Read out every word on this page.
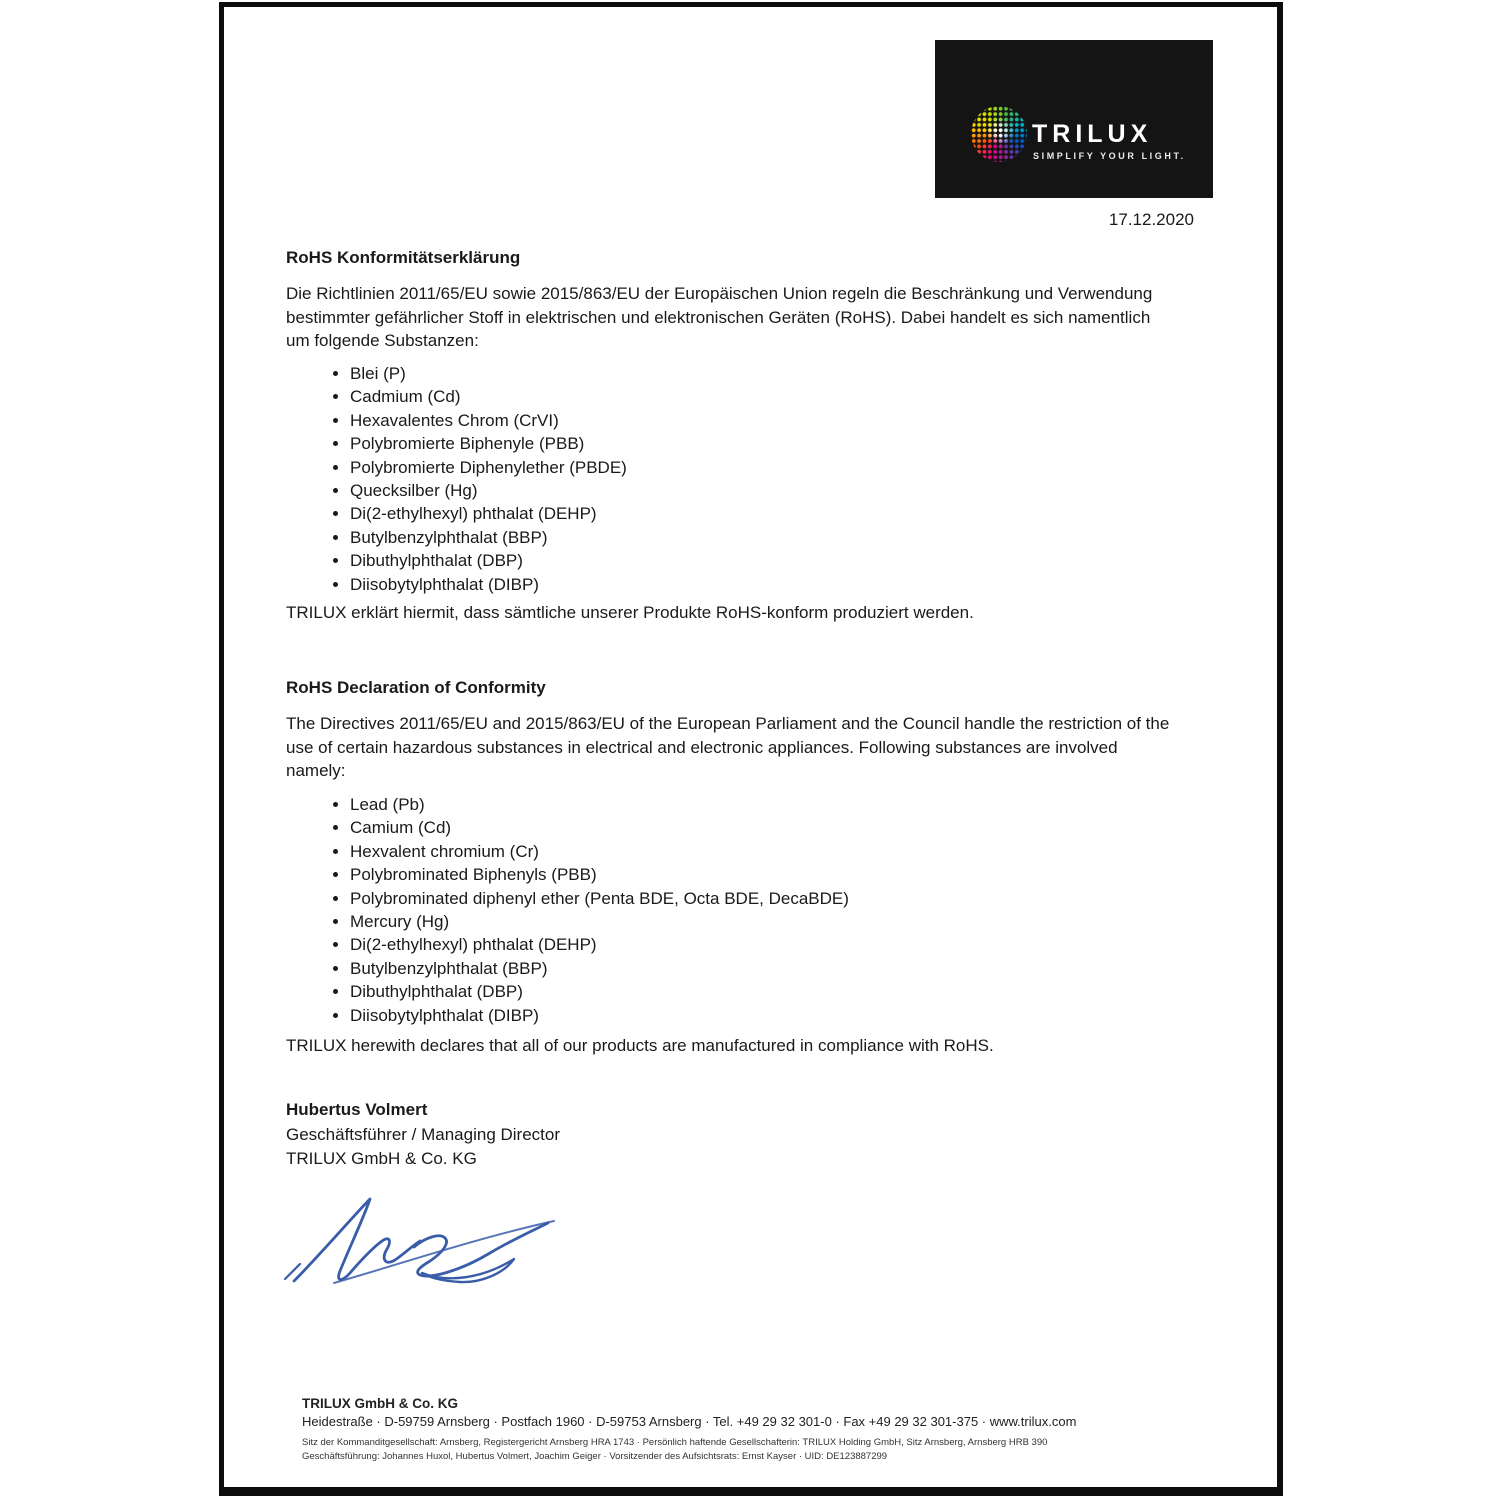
TRILUX
SIMPLIFY YOUR LIGHT.
17.12.2020
RoHS Konformitätserklärung
Die Richtlinien 2011/65/EU sowie 2015/863/EU der Europäischen Union regeln die Beschränkung und Verwendung
bestimmter gefährlicher Stoff in elektrischen und elektronischen Geräten (RoHS). Dabei handelt es sich namentlich
um folgende Substanzen:
• Blei (P)
• Cadmium (Cd)
• Hexavalentes Chrom (CrVI)
• Polybromierte Biphenyle (PBB)
• Polybromierte Diphenylether (PBDE)
• Quecksilber (Hg)
• Di(2-ethylhexyl) phthalat (DEHP)
• Butylbenzylphthalat (BBP)
• Dibuthylphthalat (DBP)
• Diisobytylphthalat (DIBP)
TRILUX erklärt hiermit, dass sämtliche unserer Produkte RoHS-konform produziert werden.
RoHS Declaration of Conformity
The Directives 2011/65/EU and 2015/863/EU of the European Parliament and the Council handle the restriction of the
use of certain hazardous substances in electrical and electronic appliances. Following substances are involved
namely:
• Lead (Pb)
• Camium (Cd)
• Hexvalent chromium (Cr)
• Polybrominated Biphenyls (PBB)
• Polybrominated diphenyl ether (Penta BDE, Octa BDE, DecaBDE)
• Mercury (Hg)
• Di(2-ethylhexyl) phthalat (DEHP)
• Butylbenzylphthalat (BBP)
• Dibuthylphthalat (DBP)
• Diisobytylphthalat (DIBP)
TRILUX herewith declares that all of our products are manufactured in compliance with RoHS.
Hubertus Volmert
Geschäftsführer / Managing Director
TRILUX GmbH & Co. KG
TRILUX GmbH & Co. KG
Heidestraße · D-59759 Arnsberg · Postfach 1960 · D-59753 Arnsberg · Tel. +49 29 32 301-0 · Fax +49 29 32 301-375 · www.trilux.com
Sitz der Kommanditgesellschaft: Arnsberg, Registergericht Arnsberg HRA 1743 · Persönlich haftende Gesellschafterin: TRILUX Holding GmbH, Sitz Arnsberg, Arnsberg HRB 390
Geschäftsführung: Johannes Huxol, Hubertus Volmert, Joachim Geiger · Vorsitzender des Aufsichtsrats: Ernst Kayser · UID: DE123887299
